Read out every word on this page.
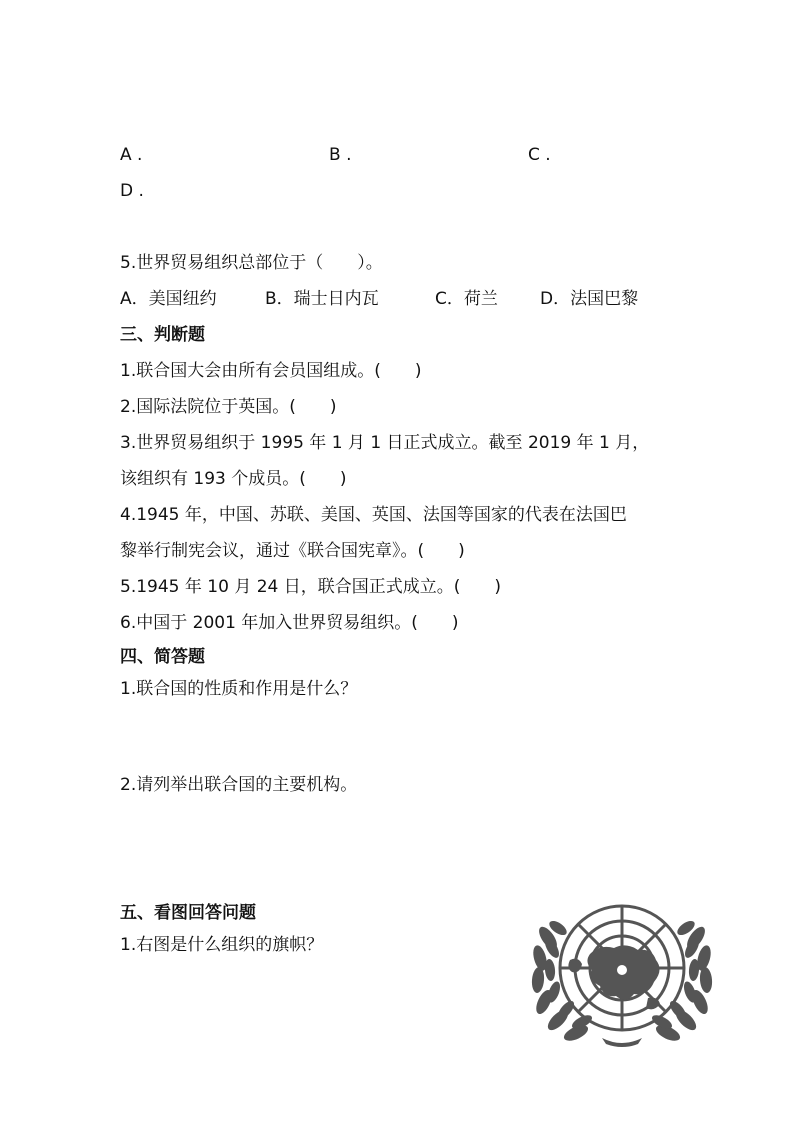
A .	B .	C .
D .
5.世界贸易组织总部位于（　　）。
A．美国纽约	B．瑞士日内瓦	C．荷兰 D．法国巴黎
三、判断题
1.联合国大会由所有会员国组成。(　　)
2.国际法院位于英国。(　　)
3.世界贸易组织于 1995 年 1 月 1 日正式成立。截至 2019 年 1 月，
该组织有 193 个成员。(　　)
4.1945 年，中国、苏联、美国、英国、法国等国家的代表在法国巴
黎举行制宪会议，通过《联合国宪章》。(　　)
5.1945 年 10 月 24 日，联合国正式成立。(　　)
6.中国于 2001 年加入世界贸易组织。(　　)
四、简答题
1.联合国的性质和作用是什么？
2.请列举出联合国的主要机构。
五、看图回答问题
1.右图是什么组织的旗帜？
